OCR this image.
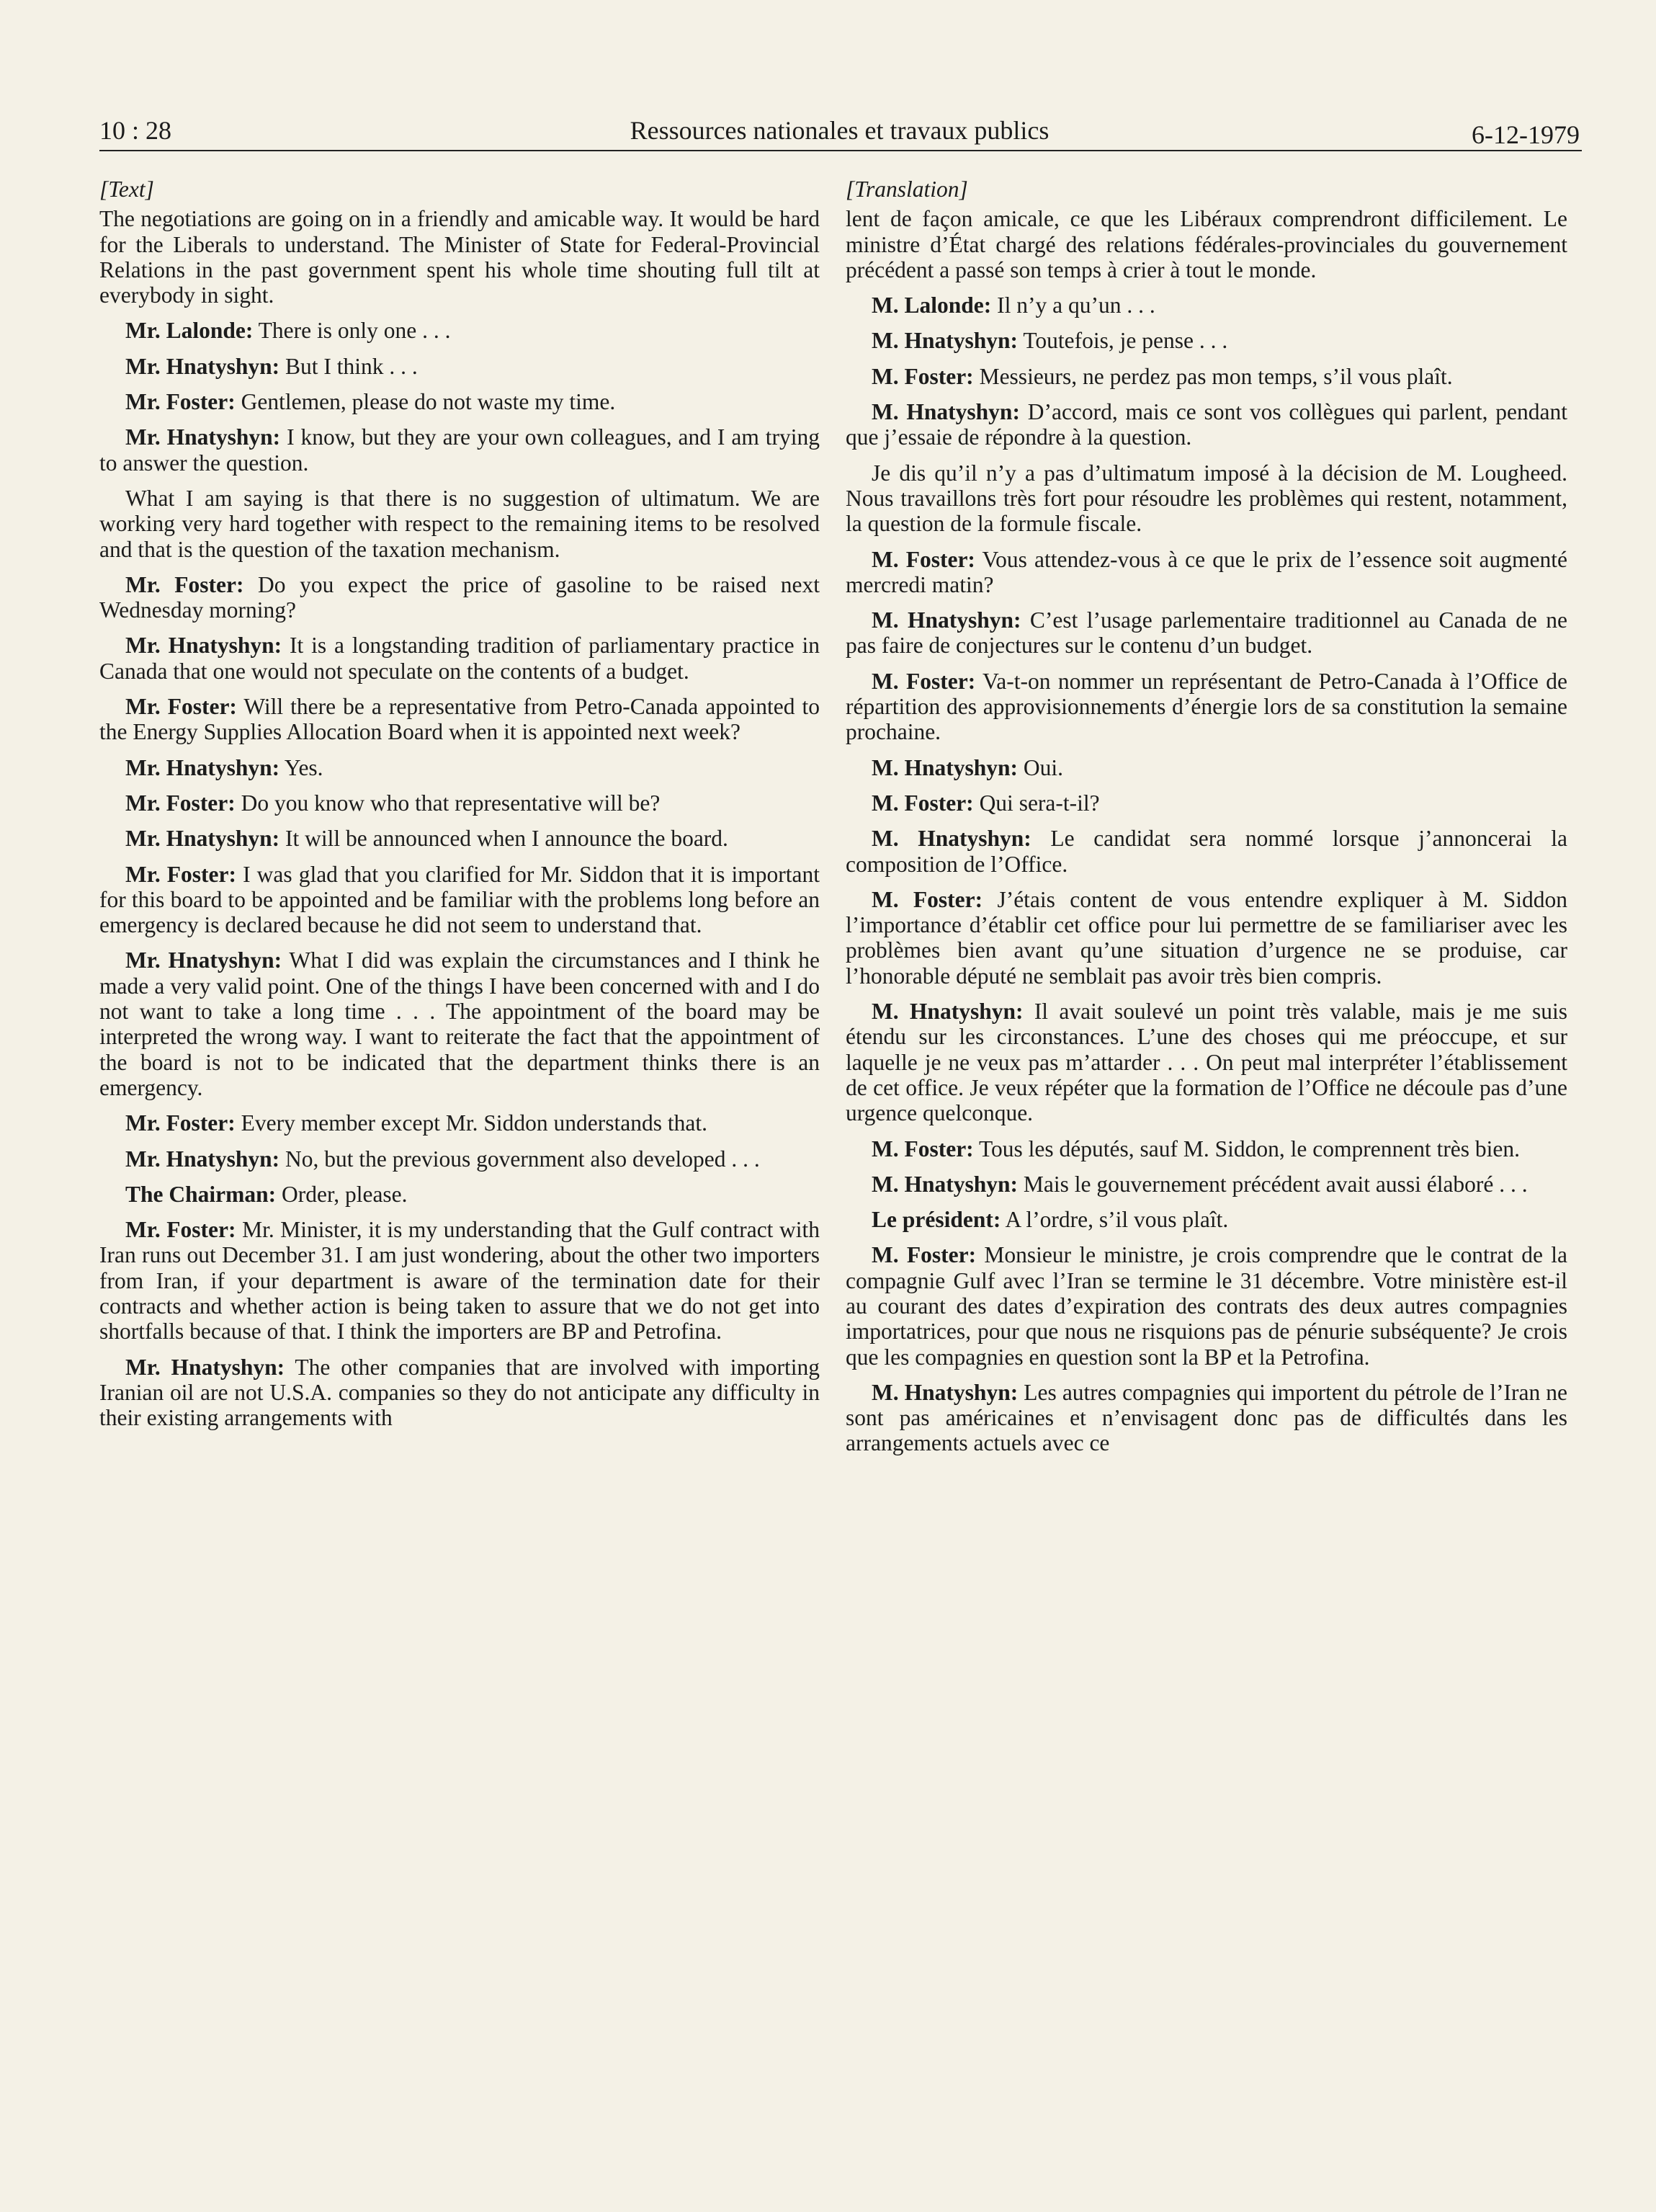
10 : 28	Ressources nationales et travaux publics	6-12-1979

[Text]

The negotiations are going on in a friendly and amicable way. It would be hard for the Liberals to understand. The Minister of State for Federal-Provincial Relations in the past government spent his whole time shouting full tilt at everybody in sight.

Mr. Lalonde: There is only one . . .

Mr. Hnatyshyn: But I think . . .

Mr. Foster: Gentlemen, please do not waste my time.

Mr. Hnatyshyn: I know, but they are your own colleagues, and I am trying to answer the question.

What I am saying is that there is no suggestion of ultimatum. We are working very hard together with respect to the remaining items to be resolved and that is the question of the taxation mechanism.

Mr. Foster: Do you expect the price of gasoline to be raised next Wednesday morning?

Mr. Hnatyshyn: It is a longstanding tradition of parliamentary practice in Canada that one would not speculate on the contents of a budget.

Mr. Foster: Will there be a representative from Petro-Canada appointed to the Energy Supplies Allocation Board when it is appointed next week?

Mr. Hnatyshyn: Yes.

Mr. Foster: Do you know who that representative will be?

Mr. Hnatyshyn: It will be announced when I announce the board.

Mr. Foster: I was glad that you clarified for Mr. Siddon that it is important for this board to be appointed and be familiar with the problems long before an emergency is declared because he did not seem to understand that.

Mr. Hnatyshyn: What I did was explain the circumstances and I think he made a very valid point. One of the things I have been concerned with and I do not want to take a long time . . . The appointment of the board may be interpreted the wrong way. I want to reiterate the fact that the appointment of the board is not to be indicated that the department thinks there is an emergency.

Mr. Foster: Every member except Mr. Siddon understands that.

Mr. Hnatyshyn: No, but the previous government also developed . . .

The Chairman: Order, please.

Mr. Foster: Mr. Minister, it is my understanding that the Gulf contract with Iran runs out December 31. I am just wondering, about the other two importers from Iran, if your department is aware of the termination date for their contracts and whether action is being taken to assure that we do not get into shortfalls because of that. I think the importers are BP and Petrofina.

Mr. Hnatyshyn: The other companies that are involved with importing Iranian oil are not U.S.A. companies so they do not anticipate any difficulty in their existing arrangements with

[Translation]

lent de façon amicale, ce que les Libéraux comprendront difficilement. Le ministre d’État chargé des relations fédérales-provinciales du gouvernement précédent a passé son temps à crier à tout le monde.

M. Lalonde: Il n’y a qu’un . . .

M. Hnatyshyn: Toutefois, je pense . . .

M. Foster: Messieurs, ne perdez pas mon temps, s’il vous plaît.

M. Hnatyshyn: D’accord, mais ce sont vos collègues qui parlent, pendant que j’essaie de répondre à la question.

Je dis qu’il n’y a pas d’ultimatum imposé à la décision de M. Lougheed. Nous travaillons très fort pour résoudre les problèmes qui restent, notamment, la question de la formule fiscale.

M. Foster: Vous attendez-vous à ce que le prix de l’essence soit augmenté mercredi matin?

M. Hnatyshyn: C’est l’usage parlementaire traditionnel au Canada de ne pas faire de conjectures sur le contenu d’un budget.

M. Foster: Va-t-on nommer un représentant de Petro-Canada à l’Office de répartition des approvisionnements d’énergie lors de sa constitution la semaine prochaine.

M. Hnatyshyn: Oui.

M. Foster: Qui sera-t-il?

M. Hnatyshyn: Le candidat sera nommé lorsque j’annoncerai la composition de l’Office.

M. Foster: J’étais content de vous entendre expliquer à M. Siddon l’importance d’établir cet office pour lui permettre de se familiariser avec les problèmes bien avant qu’une situation d’urgence ne se produise, car l’honorable député ne semblait pas avoir très bien compris.

M. Hnatyshyn: Il avait soulevé un point très valable, mais je me suis étendu sur les circonstances. L’une des choses qui me préoccupe, et sur laquelle je ne veux pas m’attarder . . . On peut mal interpréter l’établissement de cet office. Je veux répéter que la formation de l’Office ne découle pas d’une urgence quelconque.

M. Foster: Tous les députés, sauf M. Siddon, le comprennent très bien.

M. Hnatyshyn: Mais le gouvernement précédent avait aussi élaboré . . .

Le président: A l’ordre, s’il vous plaît.

M. Foster: Monsieur le ministre, je crois comprendre que le contrat de la compagnie Gulf avec l’Iran se termine le 31 décembre. Votre ministère est-il au courant des dates d’expiration des contrats des deux autres compagnies importatrices, pour que nous ne risquions pas de pénurie subséquente? Je crois que les compagnies en question sont la BP et la Petrofina.

M. Hnatyshyn: Les autres compagnies qui importent du pétrole de l’Iran ne sont pas américaines et n’envisagent donc pas de difficultés dans les arrangements actuels avec ce
